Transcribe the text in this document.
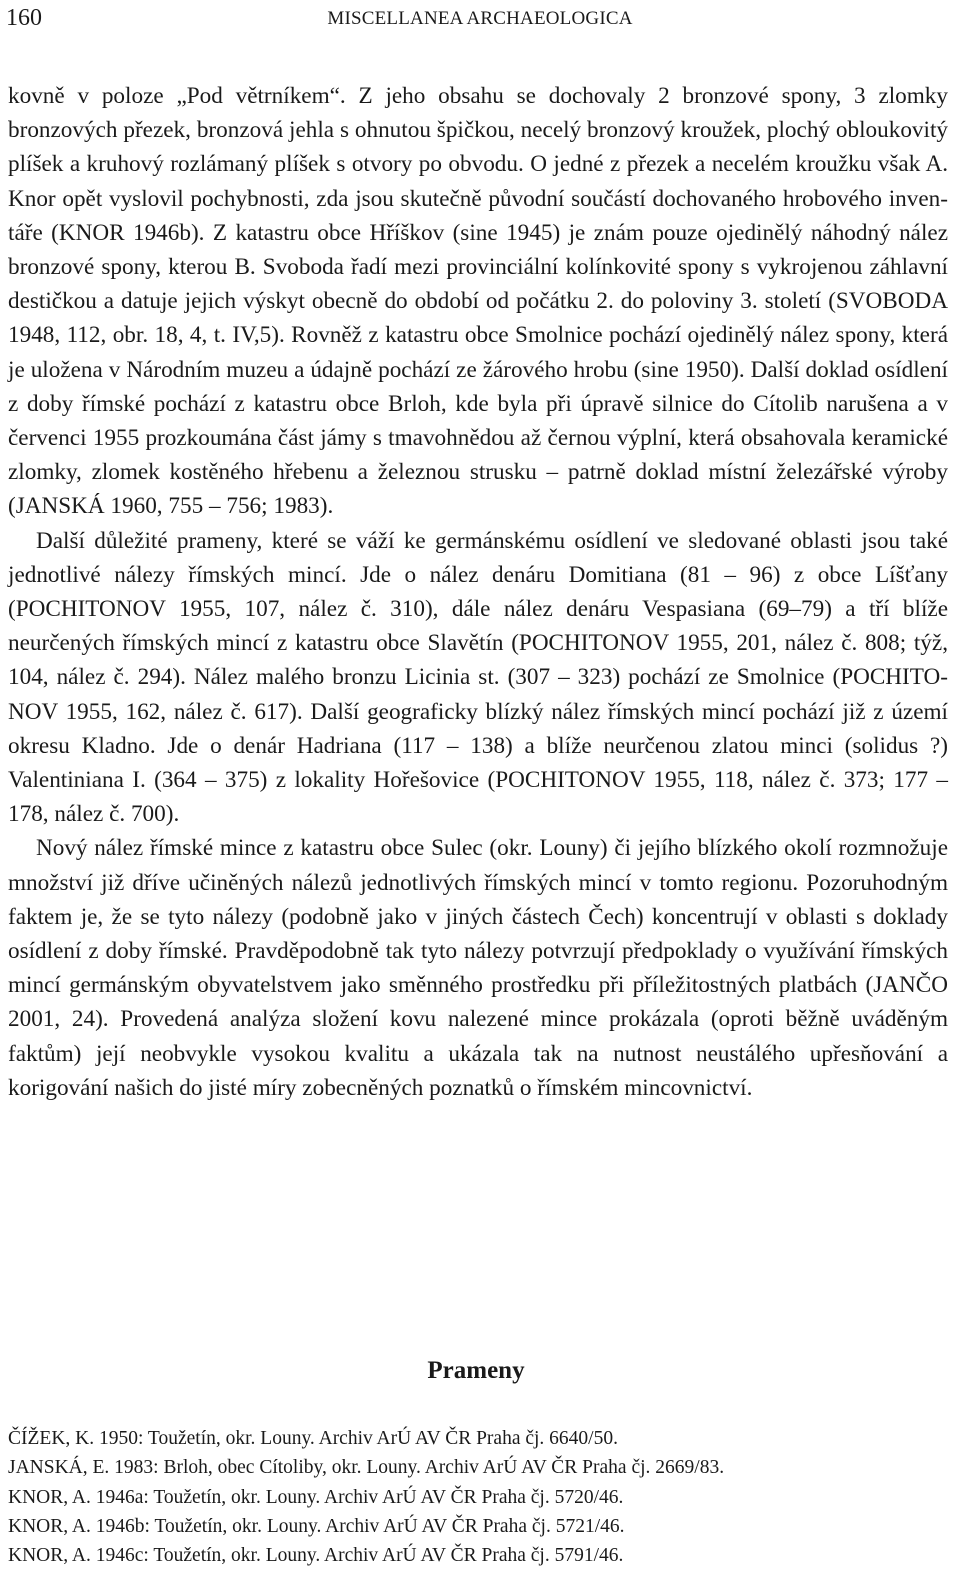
160	MISCELLANEA ARCHAEOLOGICA

kovně v poloze „Pod větrníkem“. Z jeho obsahu se dochovaly 2 bronzové spony, 3 zlomky bronzových přezek, bronzová jehla s ohnutou špičkou, necelý bronzový kroužek, plochý obloukovitý plíšek a kruhový rozlámaný plíšek s otvory po obvodu. O jedné z přezek a necelém kroužku však A. Knor opět vyslovil pochybnosti, zda jsou skutečně původní součástí dochovaného hrobového inventáře (KNOR 1946b). Z katastru obce Hříškov (sine 1945) je znám pouze ojedinělý náhodný nález bronzové spony, kterou B. Svoboda řadí mezi provinciální kolínkovité spony s vykrojenou záhlavní destičkou a datuje jejich výskyt obecně do období od počátku 2. do poloviny 3. století (SVOBODA 1948, 112, obr. 18, 4, t. IV,5). Rovněž z katastru obce Smolnice pochází ojedinělý nález spony, která je uložena v Národním muzeu a údajně pochází ze žárového hrobu (sine 1950). Další doklad osídlení z doby římské pochází z katastru obce Brloh, kde byla při úpravě silnice do Cítolib narušena a v červenci 1955 prozkoumána část jámy s tmavohnědou až černou výplní, která obsahovala keramické zlomky, zlomek kostěného hřebenu a železnou strusku – patrně doklad místní železářské výroby (JANSKÁ 1960, 755 – 756; 1983).

Další důležité prameny, které se váží ke germánskému osídlení ve sledované oblasti jsou také jednotlivé nálezy římských mincí. Jde o nález denáru Domitiana (81 – 96) z obce Líšťany (POCHITONOV 1955, 107, nález č. 310), dále nález denáru Vespasiana (69–79) a tří blíže neurčených římských mincí z katastru obce Slavětín (POCHITONOV 1955, 201, nález č. 808; týž, 104, nález č. 294). Nález malého bronzu Licinia st. (307 – 323) pochází ze Smolnice (POCHITONOV 1955, 162, nález č. 617). Další geograficky blízký nález římských mincí pochází již z území okresu Kladno. Jde o denár Hadriana (117 – 138) a blíže neurčenou zlatou minci (solidus ?) Valentiniana I. (364 – 375) z lokality Hořešovice (POCHITONOV 1955, 118, nález č. 373; 177 – 178, nález č. 700).

Nový nález římské mince z katastru obce Sulec (okr. Louny) či jejího blízkého okolí rozmnožuje množství již dříve učiněných nálezů jednotlivých římských mincí v tomto regionu. Pozoruhodným faktem je, že se tyto nálezy (podobně jako v jiných částech Čech) koncentrují v oblasti s doklady osídlení z doby římské. Pravděpodobně tak tyto nálezy potvrzují předpoklady o využívání římských mincí germánským obyvatelstvem jako směnného prostředku při příležitostných platbách (JANČO 2001, 24). Provedená analýza složení kovu nalezené mince prokázala (oproti běžně uváděným faktům) její neobvykle vysokou kvalitu a ukázala tak na nutnost neustálého upřesňování a korigování našich do jisté míry zobecněných poznatků o římském mincovnictví.

Prameny
ČÍŽEK, K. 1950: Toužetín, okr. Louny. Archiv ArÚ AV ČR Praha čj. 6640/50.
JANSKÁ, E. 1983: Brloh, obec Cítoliby, okr. Louny. Archiv ArÚ AV ČR Praha čj. 2669/83.
KNOR, A. 1946a: Toužetín, okr. Louny. Archiv ArÚ AV ČR Praha čj. 5720/46.
KNOR, A. 1946b: Toužetín, okr. Louny. Archiv ArÚ AV ČR Praha čj. 5721/46.
KNOR, A. 1946c: Toužetín, okr. Louny. Archiv ArÚ AV ČR Praha čj. 5791/46.
